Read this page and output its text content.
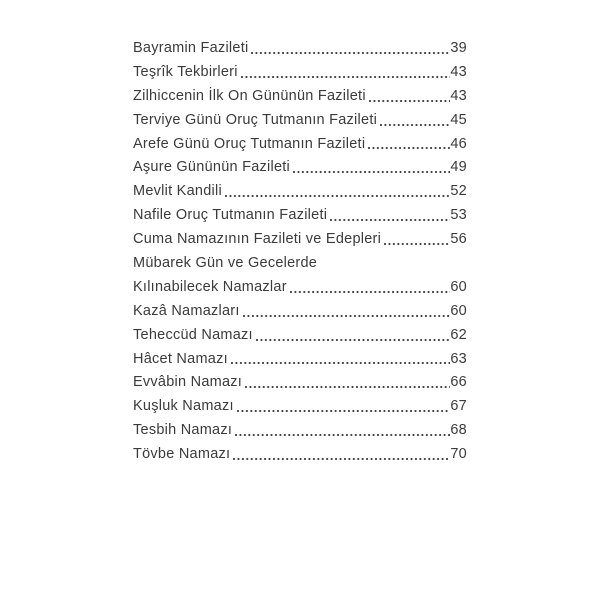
Bayramin Fazileti	39
Teşrîk Tekbirleri	43
Zilhiccenin İlk On Gününün Fazileti	43
Terviye Günü Oruç Tutmanın Fazileti	45
Arefe Günü Oruç Tutmanın Fazileti	46
Aşure Gününün Fazileti	49
Mevlit Kandili	52
Nafile Oruç Tutmanın Fazileti	53
Cuma Namazının Fazileti ve Edepleri	56
Mübarek Gün ve Gecelerde
Kılınabilecek Namazlar	60
Kazâ Namazları	60
Teheccüd Namazı	62
Hâcet Namazı	63
Evvâbin Namazı	66
Kuşluk Namazı	67
Tesbih Namazı	68
Tövbe Namazı	70
